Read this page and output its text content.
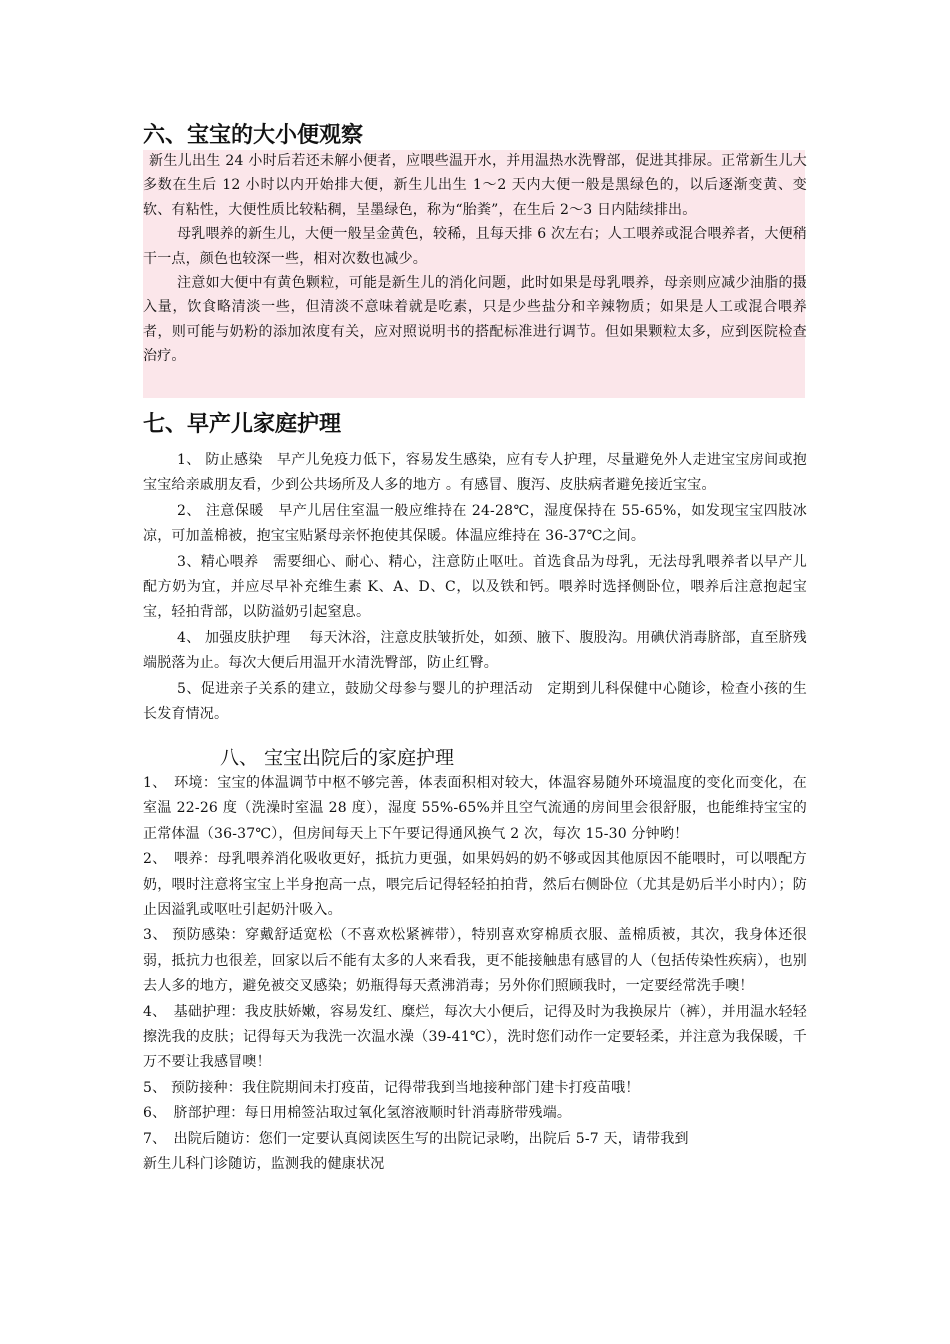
六、宝宝的大小便观察

新生儿出生 24 小时后若还未解小便者，应喂些温开水，并用温热水洗臀部，促进其排尿。正常新生儿大多数在生后 12 小时以内开始排大便，新生儿出生 1～2 天内大便一般是黑绿色的，以后逐渐变黄、变软、有粘性，大便性质比较粘稠，呈墨绿色，称为“胎粪”，在生后 2～3 日内陆续排出。

母乳喂养的新生儿，大便一般呈金黄色，较稀，且每天排 6 次左右；人工喂养或混合喂养者，大便稍干一点，颜色也较深一些，相对次数也减少。

注意如大便中有黄色颗粒，可能是新生儿的消化问题，此时如果是母乳喂养，母亲则应减少油脂的摄入量，饮食略清淡一些，但清淡不意味着就是吃素，只是少些盐分和辛辣物质；如果是人工或混合喂养者，则可能与奶粉的添加浓度有关，应对照说明书的搭配标准进行调节。但如果颗粒太多，应到医院检查治疗。

七、早产儿家庭护理

1、 防止感染　早产儿免疫力低下，容易发生感染，应有专人护理，尽量避免外人走进宝宝房间或抱宝宝给亲戚朋友看，少到公共场所及人多的地方 。有感冒、腹泻、皮肤病者避免接近宝宝。

2、 注意保暖　早产儿居住室温一般应维持在 24-28℃，湿度保持在 55-65%，如发现宝宝四肢冰凉，可加盖棉被，抱宝宝贴紧母亲怀抱使其保暖。体温应维持在 36-37℃之间。

3、精心喂养　需要细心、耐心、精心，注意防止呕吐。首选食品为母乳，无法母乳喂养者以早产儿配方奶为宜，并应尽早补充维生素 K、A、D、C，以及铁和钙。喂养时选择侧卧位，喂养后注意抱起宝宝，轻拍背部，以防溢奶引起窒息。

4、 加强皮肤护理　 每天沐浴，注意皮肤皱折处，如颈、腋下、腹股沟。用碘伏消毒脐部，直至脐残端脱落为止。每次大便后用温开水清洗臀部，防止红臀。

5、促进亲子关系的建立，鼓励父母参与婴儿的护理活动　定期到儿科保健中心随诊，检查小孩的生长发育情况。

八、 宝宝出院后的家庭护理

1、　环境：宝宝的体温调节中枢不够完善，体表面积相对较大，体温容易随外环境温度的变化而变化，在室温 22-26 度（洗澡时室温 28 度），湿度 55%-65%并且空气流通的房间里会很舒服，也能维持宝宝的正常体温（36-37℃），但房间每天上下午要记得通风换气 2 次，每次 15-30 分钟哟！

2、　喂养：母乳喂养消化吸收更好，抵抗力更强，如果妈妈的奶不够或因其他原因不能喂时，可以喂配方奶，喂时注意将宝宝上半身抱高一点，喂完后记得轻轻拍拍背，然后右侧卧位（尤其是奶后半小时内）；防止因溢乳或呕吐引起奶汁吸入。

3、 预防感染：穿戴舒适宽松（不喜欢松紧裤带），特别喜欢穿棉质衣服、盖棉质被，其次，我身体还很弱，抵抗力也很差，回家以后不能有太多的人来看我，更不能接触患有感冒的人（包括传染性疾病），也别去人多的地方，避免被交叉感染；奶瓶得每天煮沸消毒；另外你们照顾我时，一定要经常洗手噢！

4、　基础护理：我皮肤娇嫩，容易发红、糜烂，每次大小便后，记得及时为我换尿片（裤），并用温水轻轻擦洗我的皮肤；记得每天为我洗一次温水澡（39-41℃），洗时您们动作一定要轻柔，并注意为我保暖，千万不要让我感冒噢！

5、 预防接种：我住院期间未打疫苗，记得带我到当地接种部门建卡打疫苗哦！

6、　脐部护理：每日用棉签沾取过氧化氢溶液顺时针消毒脐带残端。

7、　出院后随访：您们一定要认真阅读医生写的出院记录哟，出院后 5-7 天，请带我到

新生儿科门诊随访，监测我的健康状况
